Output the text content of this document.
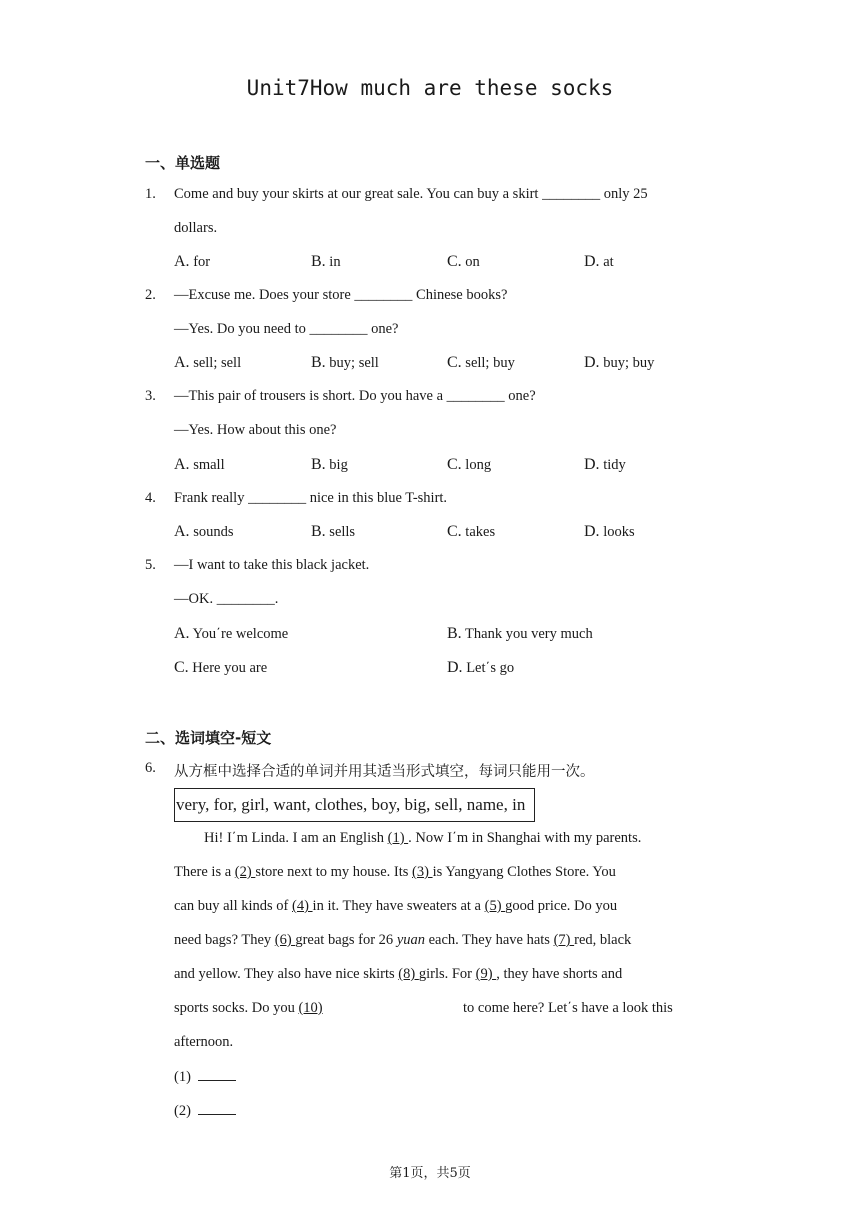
Unit7How much are these socks
一、单选题
1. Come and buy your skirts at our great sale. You can buy a skirt ________ only 25
dollars.
A. for	B. in	C. on	D. at
2. —Excuse me. Does your store ________ Chinese books?
—Yes. Do you need to ________ one?
A. sell; sell	B. buy; sell	C. sell; buy	D. buy; buy
3. —This pair of trousers is short. Do you have a ________ one?
—Yes. How about this one?
A. small	B. big	C. long	D. tidy
4. Frank really ________ nice in this blue T-shirt.
A. sounds	B. sells	C. takes	D. looks
5. —I want to take this black jacket.
—OK. ________.
A. You΄re welcome	B. Thank you very much
C. Here you are	D. Let΄s go
二、选词填空-短文
6. 从方框中选择合适的单词并用其适当形式填空，每词只能用一次。
very, for, girl, want, clothes, boy, big, sell, name, in
Hi! I΄m Linda. I am an English (1) . Now I΄m in Shanghai with my parents.
There is a (2) store next to my house. Its (3) is Yangyang Clothes Store. You
can buy all kinds of (4) in it. They have sweaters at a (5) good price. Do you
need bags? They (6) great bags for 26 yuan each. They have hats (7) red, black
and yellow. They also have nice skirts (8) girls. For (9) , they have shorts and
sports socks. Do you (10)	to come here? Let΄s have a look this
afternoon.
(1)
(2)
第1页，共5页
